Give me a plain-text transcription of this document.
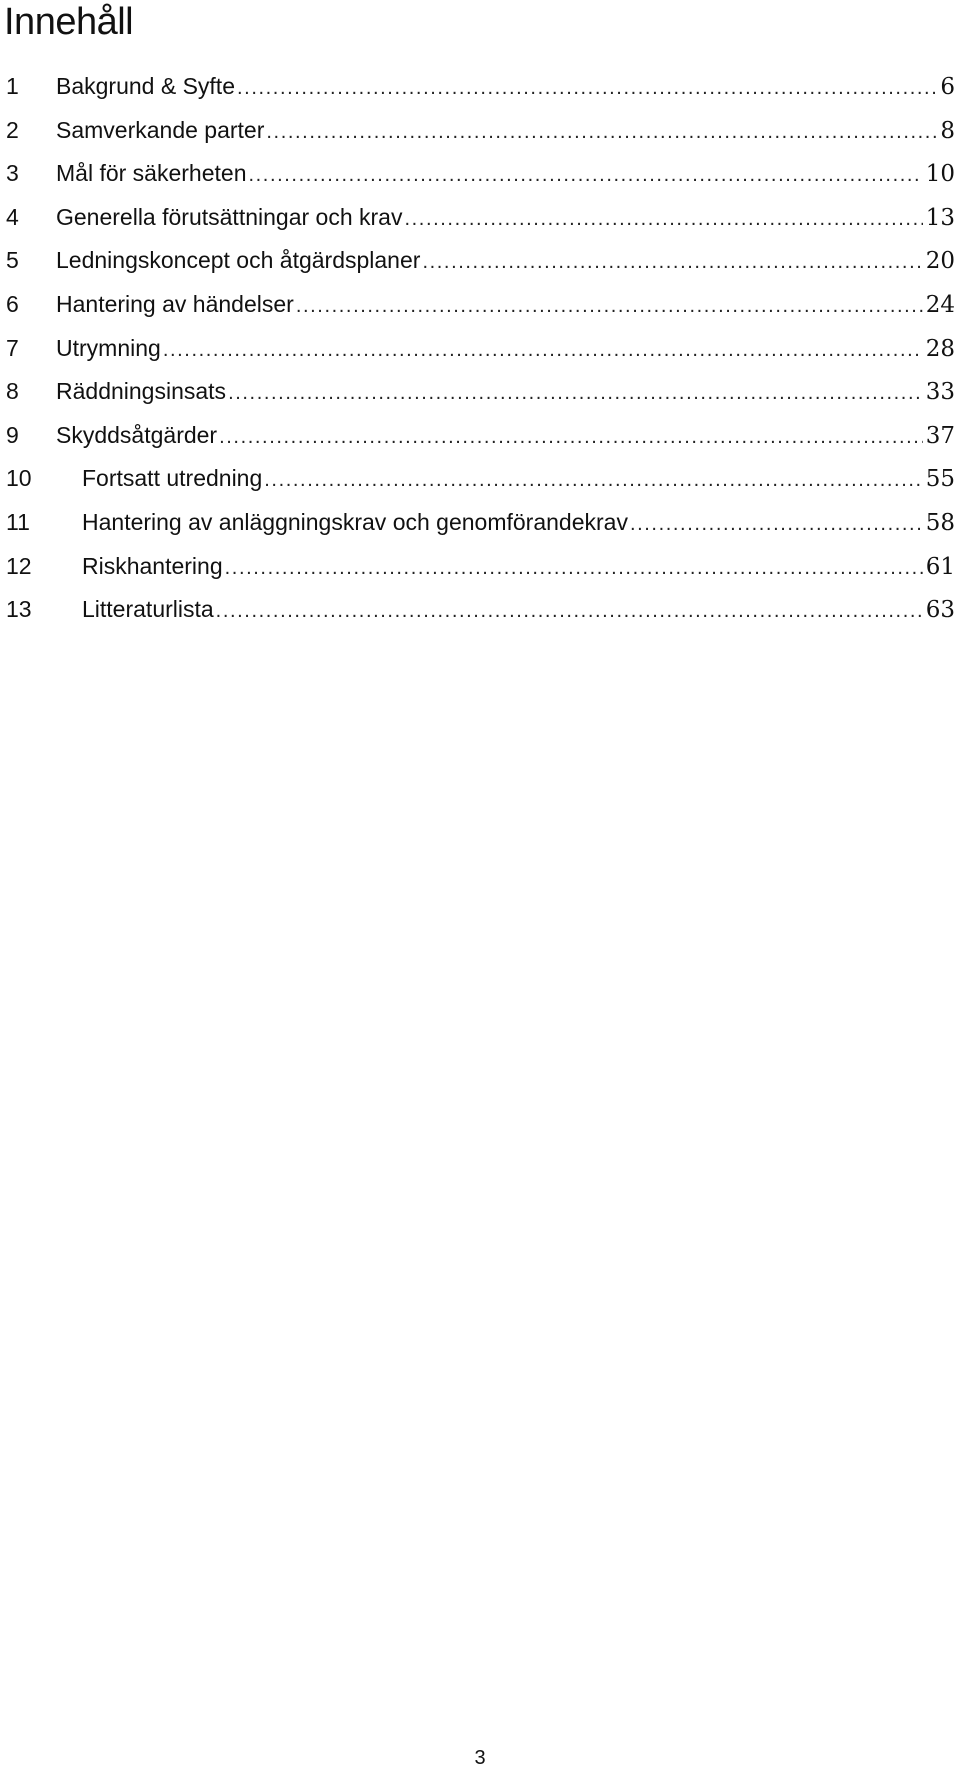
Innehåll
1	Bakgrund & Syfte .....	6
2	Samverkande parter .....	8
3	Mål för säkerheten .....	10
4	Generella förutsättningar och krav .....	13
5	Ledningskoncept och åtgärdsplaner .....	20
6	Hantering av händelser .....	24
7	Utrymning .....	28
8	Räddningsinsats .....	33
9	Skyddsåtgärder .....	37
10	Fortsatt utredning .....	55
11	Hantering av anläggningskrav och genomförandekrav .....	58
12	Riskhantering .....	61
13	Litteraturlista .....	63
3
